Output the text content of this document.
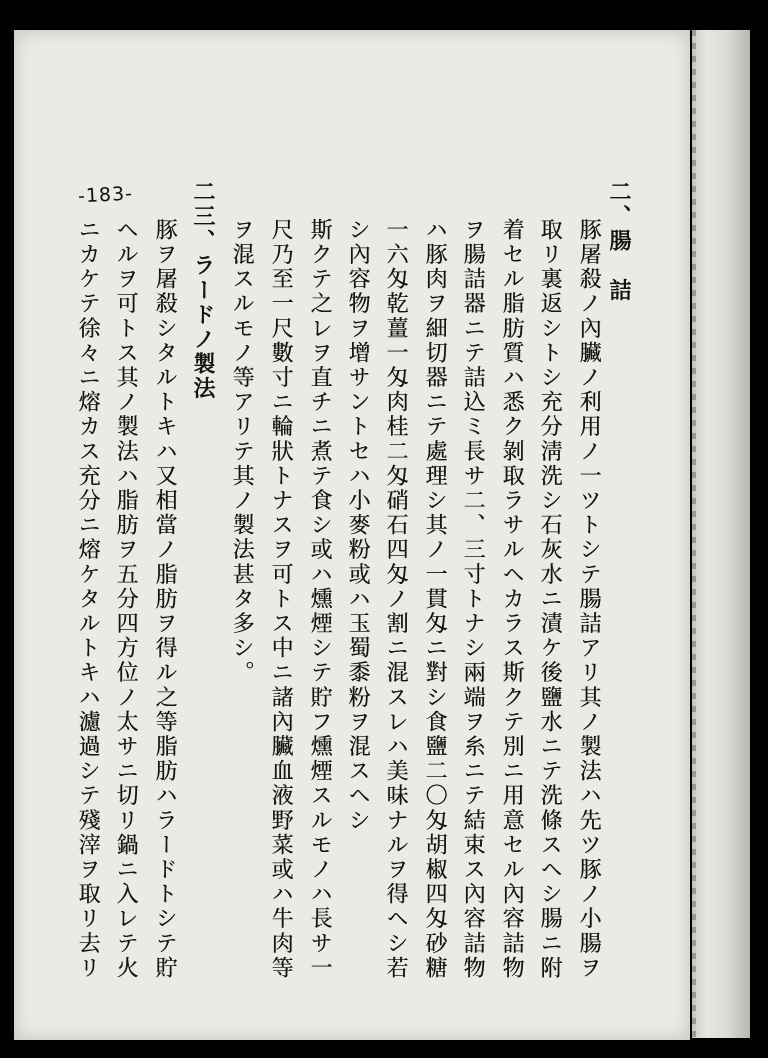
-183-	二、腸　詰
豚屠殺ノ內臟ノ利用ノ一ツトシテ腸詰アリ其ノ製法ハ先ツ豚ノ小腸ヲ
取リ裏返シトシ充分淸洗シ石灰水ニ漬ケ後鹽水ニテ洗條スヘシ腸ニ附
着セル脂肪質ハ悉ク剝取ラサルヘカラス斯クテ別ニ用意セル內容詰物
ヲ腸詰器ニテ詰込ミ長サ二、三寸トナシ兩端ヲ糸ニテ結束ス內容詰物
ハ豚肉ヲ細切器ニテ處理シ其ノ一貫匁ニ對シ食鹽二〇匁胡椒四匁砂糖
一六匁乾薑一匁肉桂二匁硝石四匁ノ割ニ混スレハ美味ナルヲ得ヘシ若
シ內容物ヲ增サントセハ小麥粉或ハ玉蜀黍粉ヲ混スヘシ
斯クテ之レヲ直チニ煮テ食シ或ハ燻煙シテ貯フ燻煙スルモノハ長サ一
尺乃至一尺數寸ニ輪狀トナスヲ可トス中ニ諸內臟血液野菜或ハ牛肉等
ヲ混スルモノ等アリテ其ノ製法甚タ多シ。
二三、ラードノ製法
豚ヲ屠殺シタルトキハ又相當ノ脂肪ヲ得ル之等脂肪ハラードトシテ貯
ヘルヲ可トス其ノ製法ハ脂肪ヲ五分四方位ノ太サニ切リ鍋ニ入レテ火
ニカケテ徐々ニ熔カス充分ニ熔ケタルトキハ濾過シテ殘滓ヲ取リ去リ
